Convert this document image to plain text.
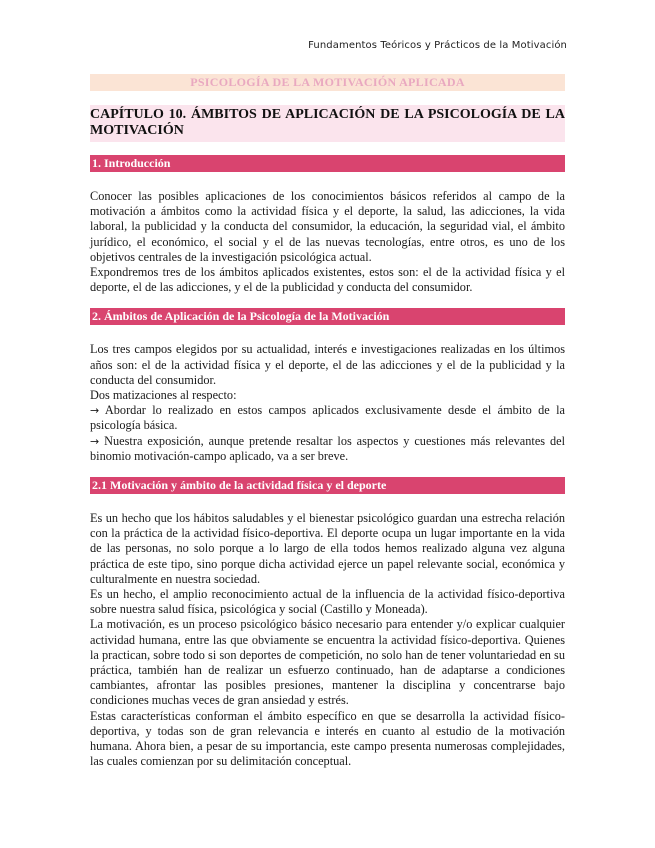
Fundamentos Teóricos y Prácticos de la Motivación
PSICOLOGÍA DE LA MOTIVACIÓN APLICADA
CAPÍTULO 10. ÁMBITOS DE APLICACIÓN DE LA PSICOLOGÍA DE LA MOTIVACIÓN
1. Introducción

Conocer las posibles aplicaciones de los conocimientos básicos referidos al campo de la motivación a ámbitos como la actividad física y el deporte, la salud, las adicciones, la vida laboral, la publicidad y la conducta del consumidor, la educación, la seguridad vial, el ámbito jurídico, el económico, el social y el de las nuevas tecnologías, entre otros, es uno de los objetivos centrales de la investigación psicológica actual.

Expondremos tres de los ámbitos aplicados existentes, estos son: el de la actividad física y el deporte, el de las adicciones, y el de la publicidad y conducta del consumidor.

2. Ámbitos de Aplicación de la Psicología de la Motivación

Los tres campos elegidos por su actualidad, interés e investigaciones realizadas en los últimos años son: el de la actividad física y el deporte, el de las adicciones y el de la publicidad y la conducta del consumidor.

Dos matizaciones al respecto:

→ Abordar lo realizado en estos campos aplicados exclusivamente desde el ámbito de la psicología básica.

→ Nuestra exposición, aunque pretende resaltar los aspectos y cuestiones más relevantes del binomio motivación-campo aplicado, va a ser breve.

2.1 Motivación y ámbito de la actividad física y el deporte

Es un hecho que los hábitos saludables y el bienestar psicológico guardan una estrecha relación con la práctica de la actividad físico-deportiva. El deporte ocupa un lugar importante en la vida de las personas, no solo porque a lo largo de ella todos hemos realizado alguna vez alguna práctica de este tipo, sino porque dicha actividad ejerce un papel relevante social, económica y culturalmente en nuestra sociedad.

Es un hecho, el amplio reconocimiento actual de la influencia de la actividad físico-deportiva sobre nuestra salud física, psicológica y social (Castillo y Moneada).

La motivación, es un proceso psicológico básico necesario para entender y/o explicar cualquier actividad humana, entre las que obviamente se encuentra la actividad físico-deportiva. Quienes la practican, sobre todo si son deportes de competición, no solo han de tener voluntariedad en su práctica, también han de realizar un esfuerzo continuado, han de adaptarse a condiciones cambiantes, afrontar las posibles presiones, mantener la disciplina y concentrarse bajo condiciones muchas veces de gran ansiedad y estrés.

Estas características conforman el ámbito específico en que se desarrolla la actividad físico-deportiva, y todas son de gran relevancia e interés en cuanto al estudio de la motivación humana. Ahora bien, a pesar de su importancia, este campo presenta numerosas complejidades, las cuales comienzan por su delimitación conceptual.
